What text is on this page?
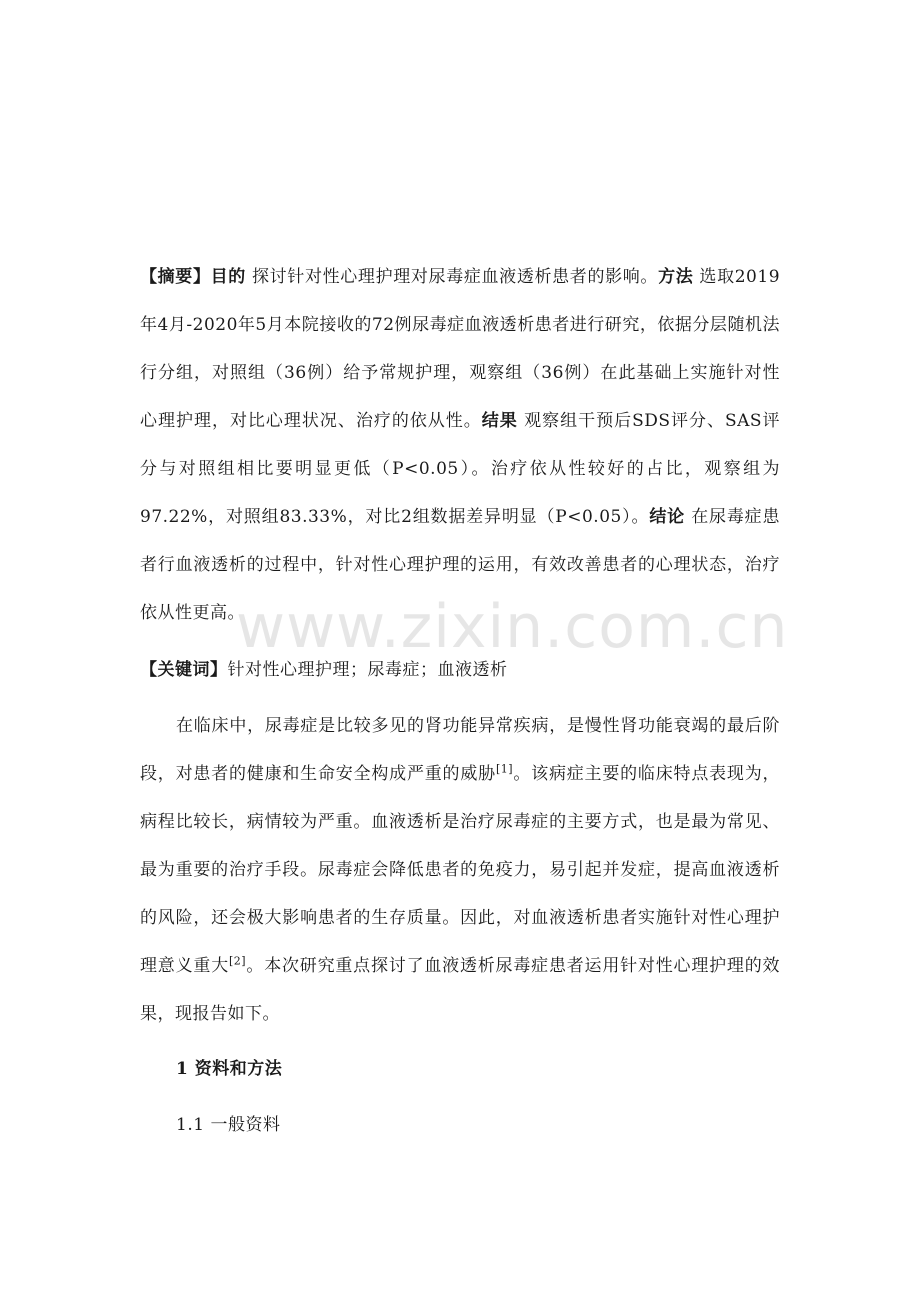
【摘要】目的 探讨针对性心理护理对尿毒症血液透析患者的影响。方法 选取2019年4月-2020年5月本院接收的72例尿毒症血液透析患者进行研究，依据分层随机法行分组，对照组（36例）给予常规护理，观察组（36例）在此基础上实施针对性心理护理，对比心理状况、治疗的依从性。结果 观察组干预后SDS评分、SAS评分与对照组相比要明显更低（P<0.05）。治疗依从性较好的占比，观察组为97.22%，对照组83.33%，对比2组数据差异明显（P<0.05）。结论 在尿毒症患者行血液透析的过程中，针对性心理护理的运用，有效改善患者的心理状态，治疗依从性更高。
www.zixin.com.cn
【关键词】针对性心理护理；尿毒症；血液透析
在临床中，尿毒症是比较多见的肾功能异常疾病，是慢性肾功能衰竭的最后阶段，对患者的健康和生命安全构成严重的威胁[1]。该病症主要的临床特点表现为，病程比较长，病情较为严重。血液透析是治疗尿毒症的主要方式，也是最为常见、最为重要的治疗手段。尿毒症会降低患者的免疫力，易引起并发症，提高血液透析的风险，还会极大影响患者的生存质量。因此，对血液透析患者实施针对性心理护理意义重大[2]。本次研究重点探讨了血液透析尿毒症患者运用针对性心理护理的效果，现报告如下。
1 资料和方法
1.1 一般资料
